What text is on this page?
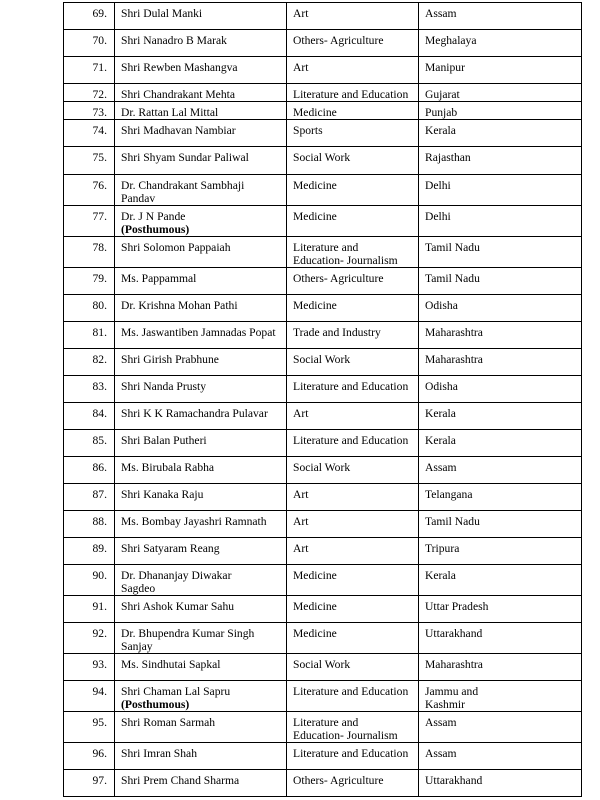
69.	Shri Dulal Manki	Art	Assam

70.	Shri Nanadro B Marak	Others- Agriculture	Meghalaya

71.	Shri Rewben Mashangva	Art	Manipur

72.	Shri Chandrakant Mehta	Literature and Education	Gujarat

73.	Dr. Rattan Lal Mittal	Medicine	Punjab

74.	Shri Madhavan Nambiar	Sports	Kerala

75.	Shri Shyam Sundar Paliwal	Social Work	Rajasthan

76.	Dr. Chandrakant Sambhaji
Pandav	Medicine	Delhi

77.	Dr. J N Pande
(Posthumous)	Medicine	Delhi

78.	Shri Solomon Pappaiah	Literature and
Education- Journalism	Tamil Nadu

79.	Ms. Pappammal	Others- Agriculture	Tamil Nadu

80.	Dr. Krishna Mohan Pathi	Medicine	Odisha

81.	Ms. Jaswantiben Jamnadas Popat	Trade and Industry	Maharashtra

82.	Shri Girish Prabhune	Social Work	Maharashtra

83.	Shri Nanda Prusty	Literature and Education	Odisha

84.	Shri K K Ramachandra Pulavar	Art	Kerala

85.	Shri Balan Putheri	Literature and Education	Kerala

86.	Ms. Birubala Rabha	Social Work	Assam

87.	Shri Kanaka Raju	Art	Telangana

88.	Ms. Bombay Jayashri Ramnath	Art	Tamil Nadu

89.	Shri Satyaram Reang	Art	Tripura

90.	Dr. Dhananjay Diwakar
Sagdeo	Medicine	Kerala

91.	Shri Ashok Kumar Sahu	Medicine	Uttar Pradesh

92.	Dr. Bhupendra Kumar Singh
Sanjay	Medicine	Uttarakhand

93.	Ms. Sindhutai Sapkal	Social Work	Maharashtra

94.	Shri Chaman Lal Sapru
(Posthumous)	Literature and Education	Jammu and
Kashmir

95.	Shri Roman Sarmah	Literature and
Education- Journalism	Assam

96.	Shri Imran Shah	Literature and Education	Assam

97.	Shri Prem Chand Sharma	Others- Agriculture	Uttarakhand
